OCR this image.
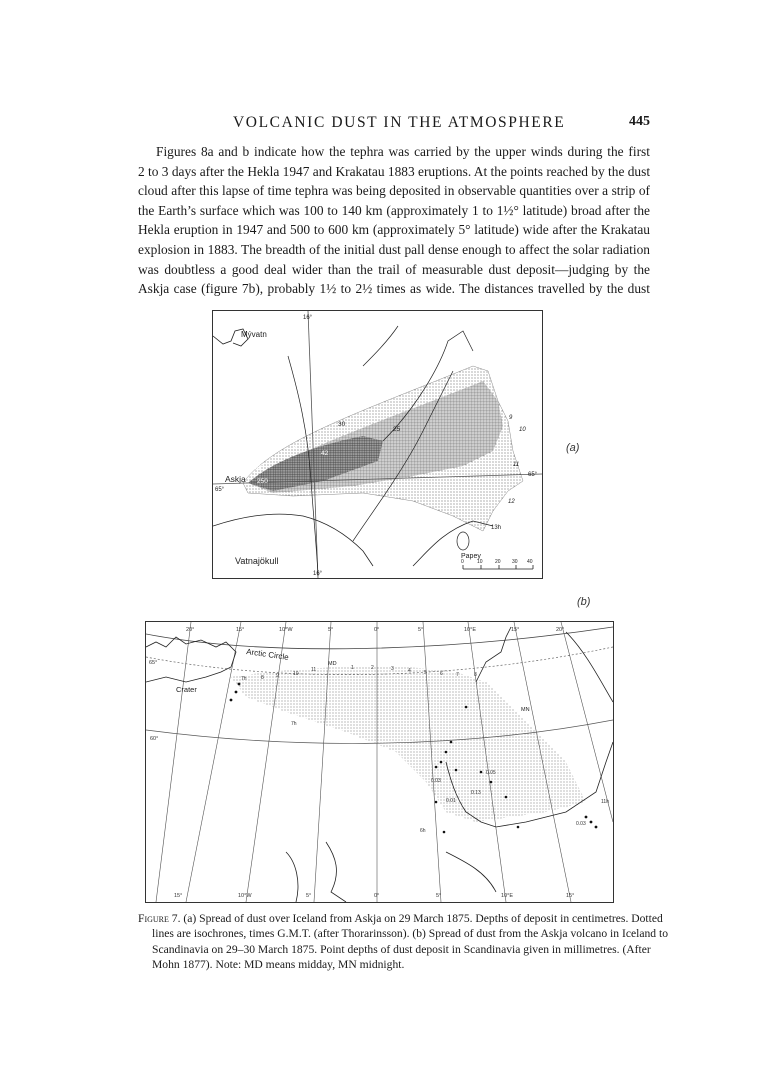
VOLCANIC DUST IN THE ATMOSPHERE	445
Figures 8a and b indicate how the tephra was carried by the upper winds during the first
2 to 3 days after the Hekla 1947 and Krakatau 1883 eruptions. At the points reached by the dust
cloud after this lapse of time tephra was being deposited in observable quantities over a strip of
the Earth’s surface which was 100 to 140 km (approximately 1 to 1½° latitude) broad after the
Hekla eruption in 1947 and 500 to 600 km (approximately 5° latitude) wide after the Krakatau
explosion in 1883. The breadth of the initial dust pall dense enough to affect the solar radiation
was doubtless a good deal wider than the trail of measurable dust deposit—judging by the
Askja case (figure 7b), probably 1½ to 2½ times as wide. The distances travelled by the dust
Mývatn
Askja
65°
65°
16°
16°
Vatnajökull	Papey
250
140
20
42
30
25
9
10
11
12
13h
0	10 20 30 40
(a)
(b)
20°	15°	10°W	5°	0°	5°	10°E	15°	20°
15°	10°W	5°	0°	5°	10°E	15°
65°
60°
Arctic Circle
Crater
MD
MN
7h	8 9	10
11	1	2	3	4	5	6	7	8
7h
6h
11h
0.03
0.05
0.01
0.13
0.03
Figure 7. (a) Spread of dust over Iceland from Askja on 29 March 1875. Depths of deposit in centimetres. Dotted
lines are isochrones, times G.M.T. (after Thorarinsson). (b) Spread of dust from the Askja volcano in Iceland to
Scandinavia on 29–30 March 1875. Point depths of dust deposit in Scandinavia given in millimetres. (After
Mohn 1877). Note: MD means midday, MN midnight.
